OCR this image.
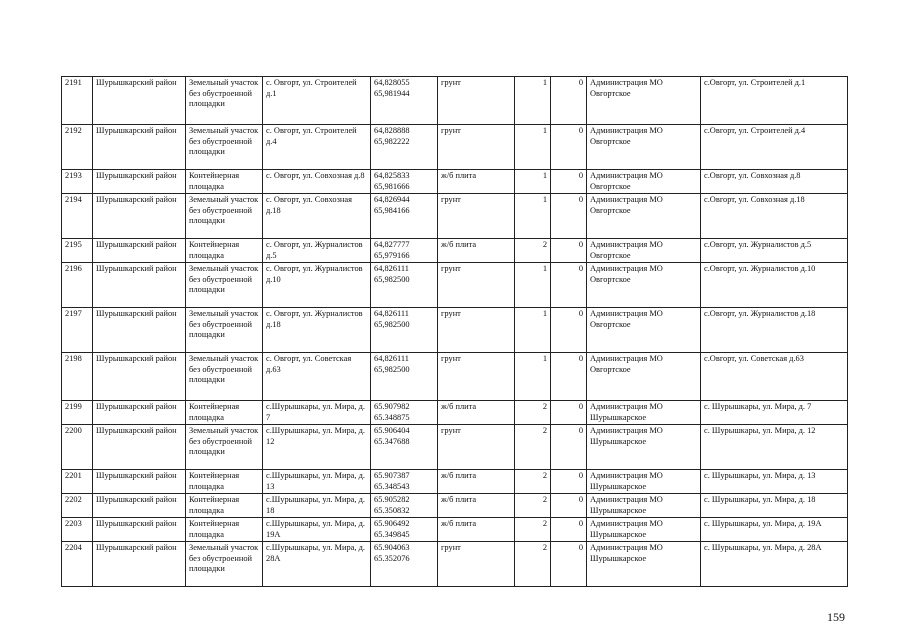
2191	Шурышкарский район	Земельный участок без обустроенной площадки	с. Овгорт, ул. Строителей д.1	64,828055 65,981944	грунт	1	0	Администрация МО Овгортское	с.Овгорт, ул. Строителей д.1
2192	Шурышкарский район	Земельный участок без обустроенной площадки	с. Овгорт, ул. Строителей д.4	64,828888 65,982222	грунт	1	0	Администрация МО Овгортское	с.Овгорт, ул. Строителей д.4
2193	Шурышкарский район	Контейнерная площадка	с. Овгорт, ул. Совхозная д.8	64,825833 65,981666	ж/б плита	1	0	Администрация МО Овгортское	с.Овгорт, ул. Совхозная д.8
2194	Шурышкарский район	Земельный участок без обустроенной площадки	с. Овгорт, ул. Совхозная д.18	64,826944 65,984166	грунт	1	0	Администрация МО Овгортское	с.Овгорт, ул. Совхозная д.18
2195	Шурышкарский район	Контейнерная площадка	с. Овгорт, ул. Журналистов д.5	64,827777 65,979166	ж/б плита	2	0	Администрация МО Овгортское	с.Овгорт, ул. Журналистов д.5
2196	Шурышкарский район	Земельный участок без обустроенной площадки	с. Овгорт, ул. Журналистов д.10	64,826111 65,982500	грунт	1	0	Администрация МО Овгортское	с.Овгорт, ул. Журналистов д.10
2197	Шурышкарский район	Земельный участок без обустроенной площадки	с. Овгорт, ул. Журналистов д.18	64,826111 65,982500	грунт	1	0	Администрация МО Овгортское	с.Овгорт, ул. Журналистов д.18
2198	Шурышкарский район	Земельный участок без обустроенной площадки	с. Овгорт, ул. Советская д.63	64,826111 65,982500	грунт	1	0	Администрация МО Овгортское	с.Овгорт, ул. Советская д.63
2199	Шурышкарский район	Контейнерная площадка	с.Шурышкары, ул. Мира, д. 7	65.907982 65.348875	ж/б плита	2	0	Администрация МО Шурышкарское	с. Шурышкары, ул. Мира, д. 7
2200	Шурышкарский район	Земельный участок без обустроенной площадки	с.Шурышкары, ул. Мира, д. 12	65.906404 65.347688	грунт	2	0	Администрация МО Шурышкарское	с. Шурышкары, ул. Мира, д. 12
2201	Шурышкарский район	Контейнерная площадка	с.Шурышкары, ул. Мира, д. 13	65.907387 65.348543	ж/б плита	2	0	Администрация МО Шурышкарское	с. Шурышкары, ул. Мира, д. 13
2202	Шурышкарский район	Контейнерная площадка	с.Шурышкары, ул. Мира, д. 18	65.905282 65.350832	ж/б плита	2	0	Администрация МО Шурышкарское	с. Шурышкары, ул. Мира, д. 18
2203	Шурышкарский район	Контейнерная площадка	с.Шурышкары, ул. Мира, д. 19А	65.906492 65.349845	ж/б плита	2	0	Администрация МО Шурышкарское	с. Шурышкары, ул. Мира, д. 19А
2204	Шурышкарский район	Земельный участок без обустроенной площадки	с.Шурышкары, ул. Мира, д. 28А	65.904063 65.352076	грунт	2	0	Администрация МО Шурышкарское	с. Шурышкары, ул. Мира, д. 28А
159
